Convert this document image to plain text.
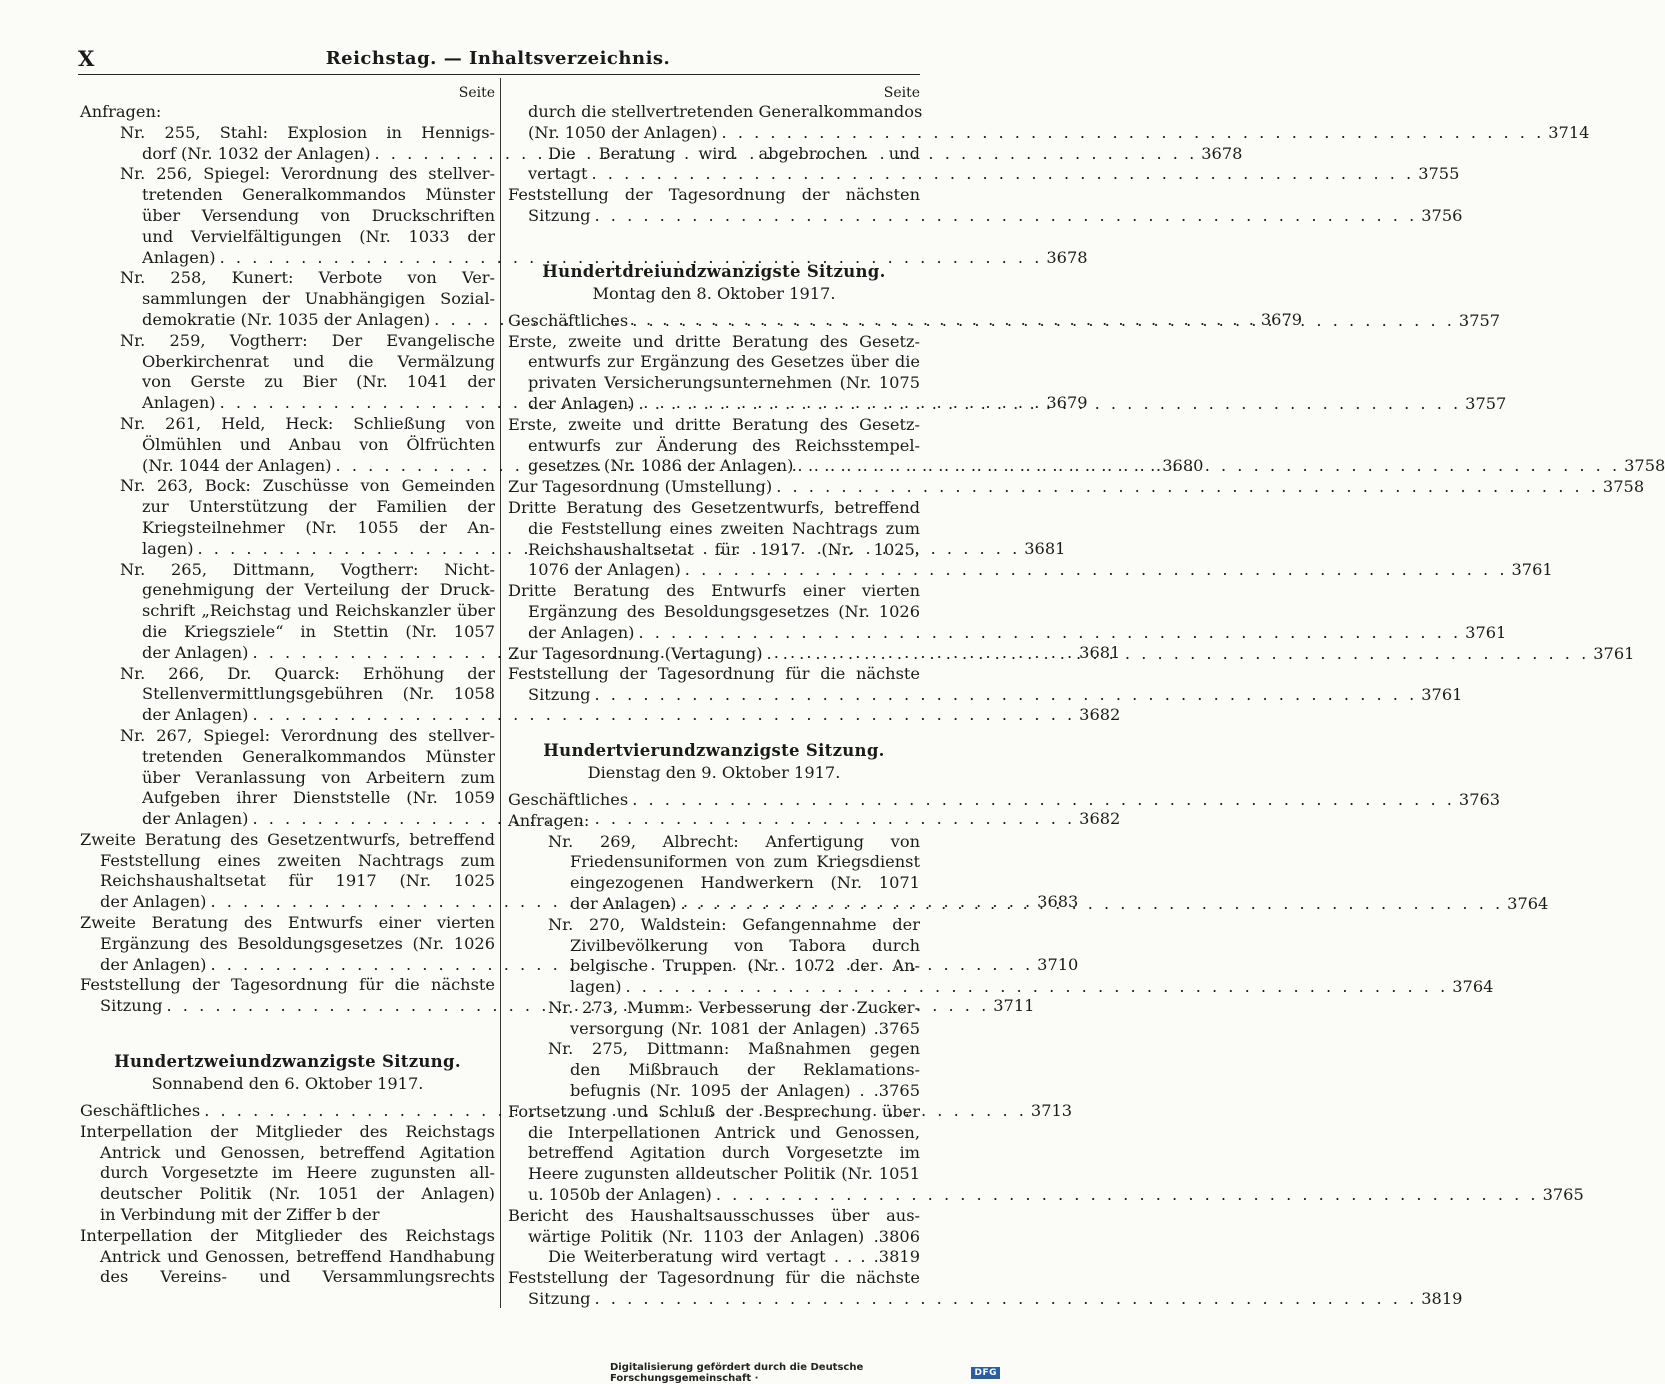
X	Reichstag. — Inhaltsverzeichnis.
Seite
Anfragen:
Nr. 255, Stahl: Explosion in Hennigs-
dorf (Nr. 1032 der Anlagen) . . .	3678
Nr. 256, Spiegel: Verordnung des stellver-
tretenden Generalkommandos Münster
über Versendung von Druckschriften
und Vervielfältigungen (Nr. 1033 der
Anlagen) . . .	3678
Nr. 258, Kunert: Verbote von Ver-
sammlungen der Unabhängigen Sozial-
demokratie (Nr. 1035 der Anlagen) . . .	3679
Nr. 259, Vogtherr: Der Evangelische
Oberkirchenrat und die Vermälzung
von Gerste zu Bier (Nr. 1041 der
Anlagen) . . .	3679
Nr. 261, Held, Heck: Schließung von
Ölmühlen und Anbau von Ölfrüchten
(Nr. 1044 der Anlagen) . . .	3680
Nr. 263, Bock: Zuschüsse von Gemeinden
zur Unterstützung der Familien der
Kriegsteilnehmer (Nr. 1055 der An-
lagen) . . .	3681
Nr. 265, Dittmann, Vogtherr: Nicht-
genehmigung der Verteilung der Druck-
schrift „Reichstag und Reichskanzler über
die Kriegsziele“ in Stettin (Nr. 1057
der Anlagen) . . .	3681
Nr. 266, Dr. Quarck: Erhöhung der
Stellenvermittlungsgebühren (Nr. 1058
der Anlagen) . . .	3682
Nr. 267, Spiegel: Verordnung des stellver-
tretenden Generalkommandos Münster
über Veranlassung von Arbeitern zum
Aufgeben ihrer Dienststelle (Nr. 1059
der Anlagen) . . .	3682
Zweite Beratung des Gesetzentwurfs, betreffend
Feststellung eines zweiten Nachtrags zum
Reichshaushaltsetat für 1917 (Nr. 1025
der Anlagen) . . .	3683
Zweite Beratung des Entwurfs einer vierten
Ergänzung des Besoldungsgesetzes (Nr. 1026
der Anlagen) . . .	3710
Feststellung der Tagesordnung für die nächste
Sitzung . . .	3711
Hundertzweiundzwanzigste Sitzung.
Sonnabend den 6. Oktober 1917.
Geschäftliches . . .	3713
Interpellation der Mitglieder des Reichstags
Antrick und Genossen, betreffend Agitation
durch Vorgesetzte im Heere zugunsten all-
deutscher Politik (Nr. 1051 der Anlagen)
in Verbindung mit der Ziffer b der
Interpellation der Mitglieder des Reichstags
Antrick und Genossen, betreffend Handhabung
des Vereins- und Versammlungsrechts
Seite
durch die stellvertretenden Generalkommandos
(Nr. 1050 der Anlagen) . . .	3714
Die Beratung wird abgebrochen und
vertagt . . .	3755
Feststellung der Tagesordnung der nächsten
Sitzung . . .	3756
Hundertdreiundzwanzigste Sitzung.
Montag den 8. Oktober 1917.
Geschäftliches . . .	3757
Erste, zweite und dritte Beratung des Gesetz-
entwurfs zur Ergänzung des Gesetzes über die
privaten Versicherungsunternehmen (Nr. 1075
der Anlagen) . . .	3757
Erste, zweite und dritte Beratung des Gesetz-
entwurfs zur Änderung des Reichsstempel-
gesetzes (Nr. 1086 der Anlagen) . . .	3758
Zur Tagesordnung (Umstellung) . . .	3758
Dritte Beratung des Gesetzentwurfs, betreffend
die Feststellung eines zweiten Nachtrags zum
Reichshaushaltsetat für 1917 (Nr. 1025,
1076 der Anlagen) . . .	3761
Dritte Beratung des Entwurfs einer vierten
Ergänzung des Besoldungsgesetzes (Nr. 1026
der Anlagen) . . .	3761
Zur Tagesordnung (Vertagung) . . .	3761
Feststellung der Tagesordnung für die nächste
Sitzung . . .	3761
Hundertvierundzwanzigste Sitzung.
Dienstag den 9. Oktober 1917.
Geschäftliches . . .	3763
Anfragen:
Nr. 269, Albrecht: Anfertigung von
Friedensuniformen von zum Kriegsdienst
eingezogenen Handwerkern (Nr. 1071
der Anlagen) . . .	3764
Nr. 270, Waldstein: Gefangennahme der
Zivilbevölkerung von Tabora durch
belgische Truppen (Nr. 1072 der An-
lagen) . . .	3764
Nr. 273, Mumm: Verbesserung der Zucker-
versorgung (Nr. 1081 der Anlagen) . 3765
Nr. 275, Dittmann: Maßnahmen gegen
den Mißbrauch der Reklamations-
befugnis (Nr. 1095 der Anlagen) . . 3765
Fortsetzung und Schluß der Besprechung über
die Interpellationen Antrick und Genossen,
betreffend Agitation durch Vorgesetzte im
Heere zugunsten alldeutscher Politik (Nr. 1051
u. 1050b der Anlagen) . . .	3765
Bericht des Haushaltsausschusses über aus-
wärtige Politik (Nr. 1103 der Anlagen) . 3806
Die Weiterberatung wird vertagt . . . . 3819
Feststellung der Tagesordnung für die nächste
Sitzung . . .	3819
Digitalisierung gefördert durch die Deutsche Forschungsgemeinschaft ·	DFG
